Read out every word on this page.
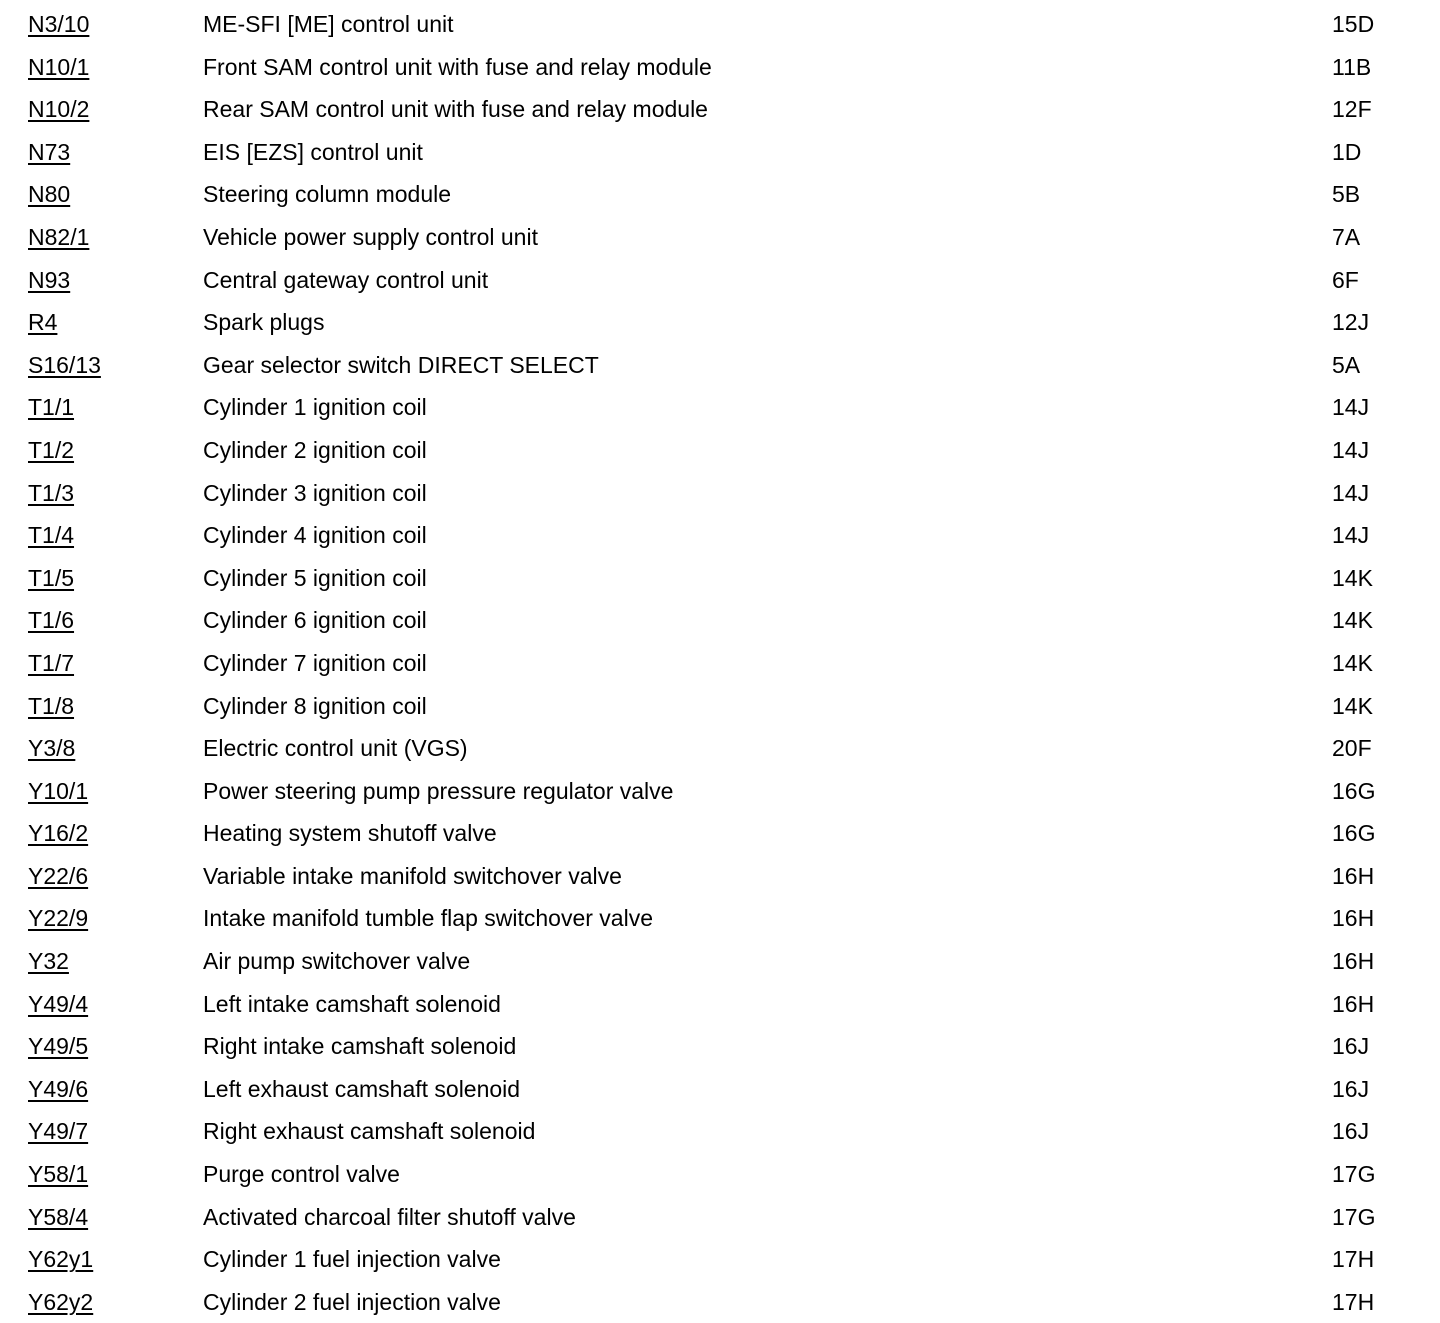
N3/10	ME-SFI [ME] control unit	15D
N10/1	Front SAM control unit with fuse and relay module	11B
N10/2	Rear SAM control unit with fuse and relay module	12F
N73	EIS [EZS] control unit	1D
N80	Steering column module	5B
N82/1	Vehicle power supply control unit	7A
N93	Central gateway control unit	6F
R4	Spark plugs	12J
S16/13	Gear selector switch DIRECT SELECT	5A
T1/1	Cylinder 1 ignition coil	14J
T1/2	Cylinder 2 ignition coil	14J
T1/3	Cylinder 3 ignition coil	14J
T1/4	Cylinder 4 ignition coil	14J
T1/5	Cylinder 5 ignition coil	14K
T1/6	Cylinder 6 ignition coil	14K
T1/7	Cylinder 7 ignition coil	14K
T1/8	Cylinder 8 ignition coil	14K
Y3/8	Electric control unit (VGS)	20F
Y10/1	Power steering pump pressure regulator valve	16G
Y16/2	Heating system shutoff valve	16G
Y22/6	Variable intake manifold switchover valve	16H
Y22/9	Intake manifold tumble flap switchover valve	16H
Y32	Air pump switchover valve	16H
Y49/4	Left intake camshaft solenoid	16H
Y49/5	Right intake camshaft solenoid	16J
Y49/6	Left exhaust camshaft solenoid	16J
Y49/7	Right exhaust camshaft solenoid	16J
Y58/1	Purge control valve	17G
Y58/4	Activated charcoal filter shutoff valve	17G
Y62y1	Cylinder 1 fuel injection valve	17H
Y62y2	Cylinder 2 fuel injection valve	17H
